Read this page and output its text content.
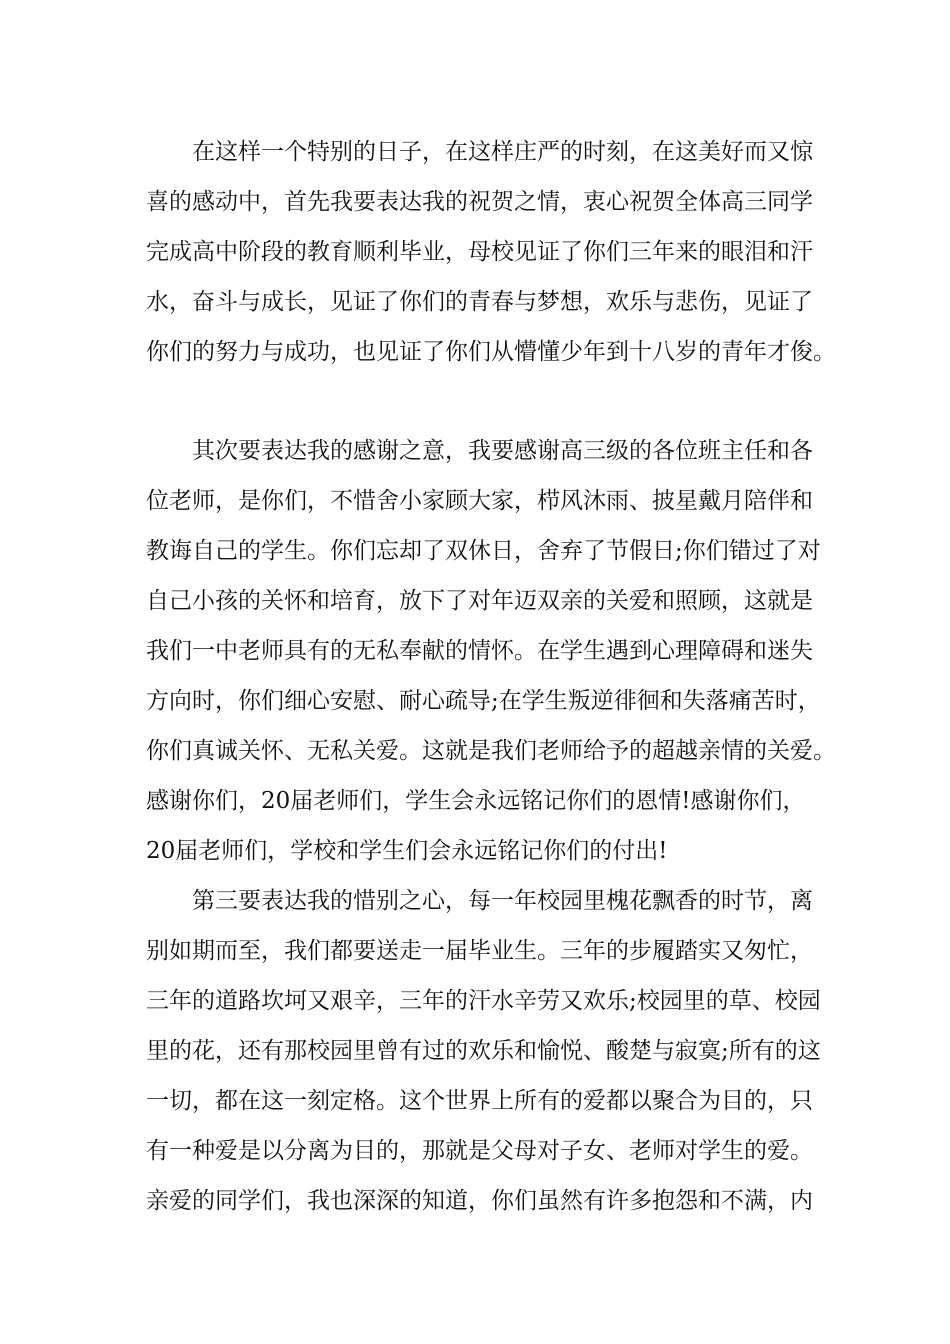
　　在这样一个特别的日子，在这样庄严的时刻，在这美好而又惊
喜的感动中，首先我要表达我的祝贺之情，衷心祝贺全体高三同学
完成高中阶段的教育顺利毕业，母校见证了你们三年来的眼泪和汗
水，奋斗与成长，见证了你们的青春与梦想，欢乐与悲伤，见证了
你们的努力与成功，也见证了你们从懵懂少年到十八岁的青年才俊。
　　其次要表达我的感谢之意，我要感谢高三级的各位班主任和各
位老师，是你们，不惜舍小家顾大家，栉风沐雨、披星戴月陪伴和
教诲自己的学生。你们忘却了双休日，舍弃了节假日;你们错过了对
自己小孩的关怀和培育，放下了对年迈双亲的关爱和照顾，这就是
我们一中老师具有的无私奉献的情怀。在学生遇到心理障碍和迷失
方向时，你们细心安慰、耐心疏导;在学生叛逆徘徊和失落痛苦时，
你们真诚关怀、无私关爱。这就是我们老师给予的超越亲情的关爱。
感谢你们，20届老师们，学生会永远铭记你们的恩情!感谢你们，
20届老师们，学校和学生们会永远铭记你们的付出!
　　第三要表达我的惜别之心，每一年校园里槐花飘香的时节，离
别如期而至，我们都要送走一届毕业生。三年的步履踏实又匆忙，
三年的道路坎坷又艰辛，三年的汗水辛劳又欢乐;校园里的草、校园
里的花，还有那校园里曾有过的欢乐和愉悦、酸楚与寂寞;所有的这
一切，都在这一刻定格。这个世界上所有的爱都以聚合为目的，只
有一种爱是以分离为目的，那就是父母对子女、老师对学生的爱。
亲爱的同学们，我也深深的知道，你们虽然有许多抱怨和不满，内
